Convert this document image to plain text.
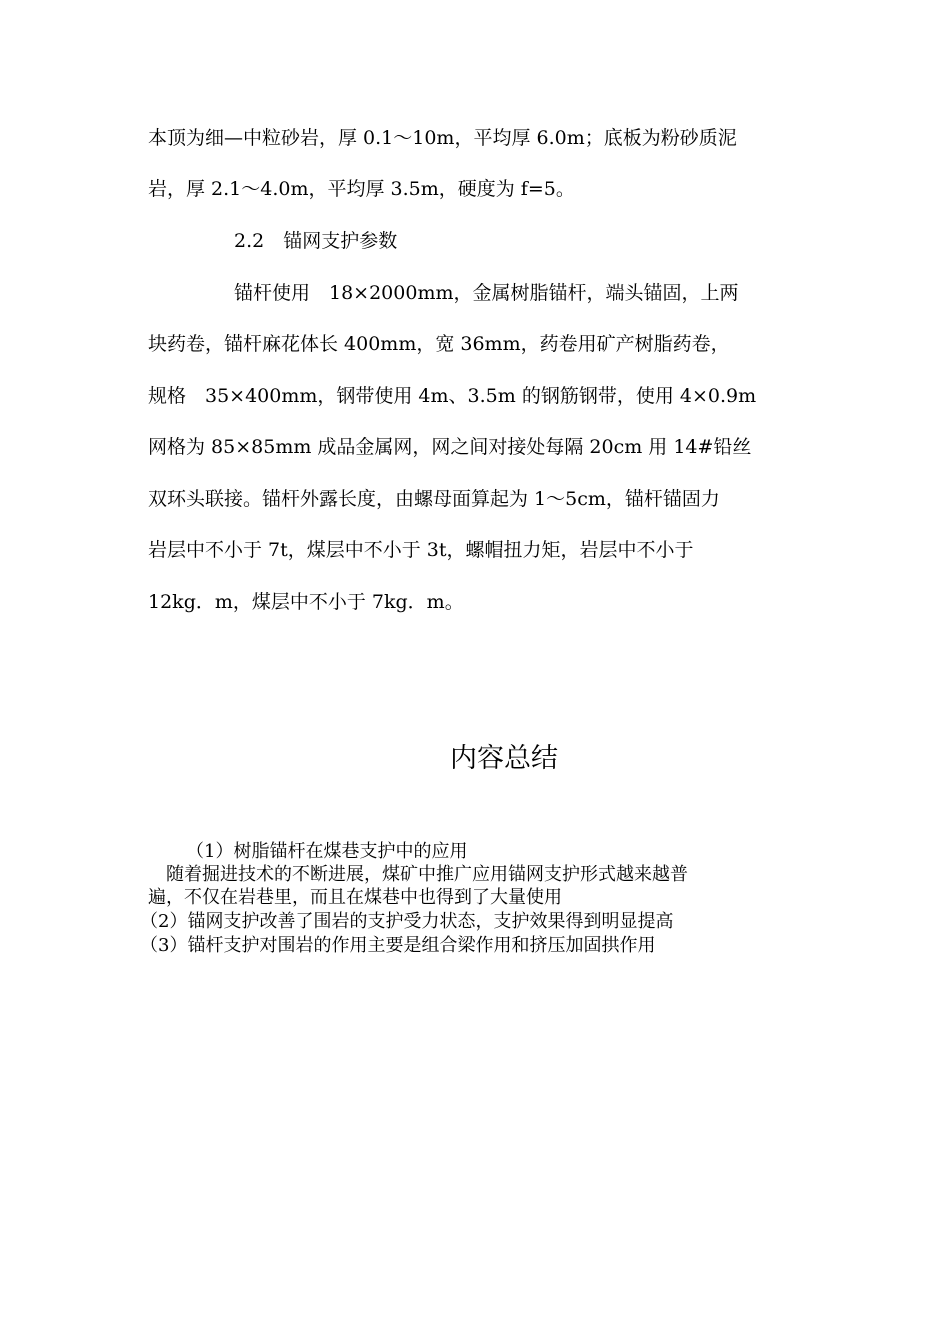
本顶为细—中粒砂岩，厚 0.1～10m，平均厚 6.0m；底板为粉砂质泥
岩，厚 2.1～4.0m，平均厚 3.5m，硬度为 f=5。
2.2　锚网支护参数
锚杆使用　18×2000mm，金属树脂锚杆，端头锚固，上两
块药卷，锚杆麻花体长 400mm，宽 36mm，药卷用矿产树脂药卷，
规格　35×400mm，钢带使用 4m、3.5m 的钢筋钢带，使用 4×0.9m
网格为 85×85mm 成品金属网，网之间对接处每隔 20cm 用 14#铅丝
双环头联接。锚杆外露长度，由螺母面算起为 1～5cm，锚杆锚固力
岩层中不小于 7t，煤层中不小于 3t，螺帽扭力矩，岩层中不小于
12kg．m，煤层中不小于 7kg．m。
内容总结
（1）树脂锚杆在煤巷支护中的应用
随着掘进技术的不断进展，煤矿中推广应用锚网支护形式越来越普
遍，不仅在岩巷里，而且在煤巷中也得到了大量使用
（2）锚网支护改善了围岩的支护受力状态，支护效果得到明显提高
（3）锚杆支护对围岩的作用主要是组合梁作用和挤压加固拱作用
